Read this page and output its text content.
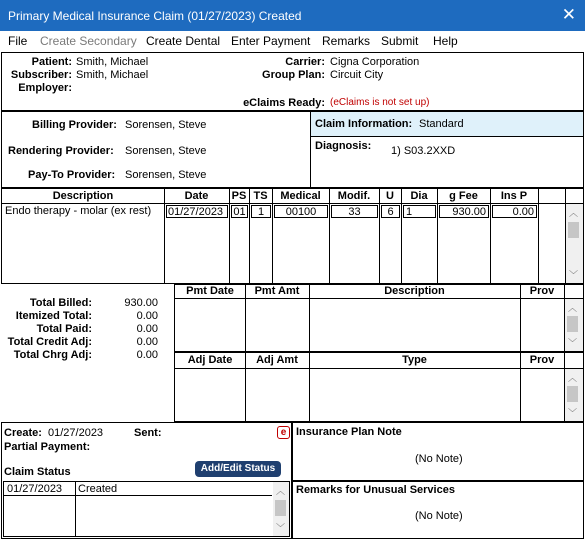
Primary Medical Insurance Claim (01/27/2023) Created	✕
File Create Secondary Create Dental Enter Payment Remarks Submit Help
Patient: Smith, Michael
Subscriber: Smith, Michael
Employer:
Carrier: Cigna Corporation
Group Plan: Circuit City
eClaims Ready: (eClaims is not set up)
Billing Provider: Sorensen, Steve
Rendering Provider: Sorensen, Steve
Pay-To Provider: Sorensen, Steve
Claim Information: Standard
Diagnosis: 1) S03.2XXD
Description	Date	PS TS	Medical	Modif.	U	Dia	g Fee	Ins P
Endo therapy - molar (ex rest) 01/27/2023 01	1	00100	33	6	1	930.00	0.00	︿
﹀
Total Billed:	930.00
Itemized Total:	0.00
Total Paid:	0.00
Total Credit Adj:	0.00
Total Chrg Adj:	0.00
Pmt Date	Pmt Amt	Description	Prov
︿
﹀
Adj Date	Adj Amt	Type	Prov
︿
﹀
Create: 01/27/2023	Sent:	e
Partial Payment:
Claim Status	Add/Edit Status
01/27/2023 Created	︿
﹀
Insurance Plan Note
(No Note)
Remarks for Unusual Services
(No Note)
